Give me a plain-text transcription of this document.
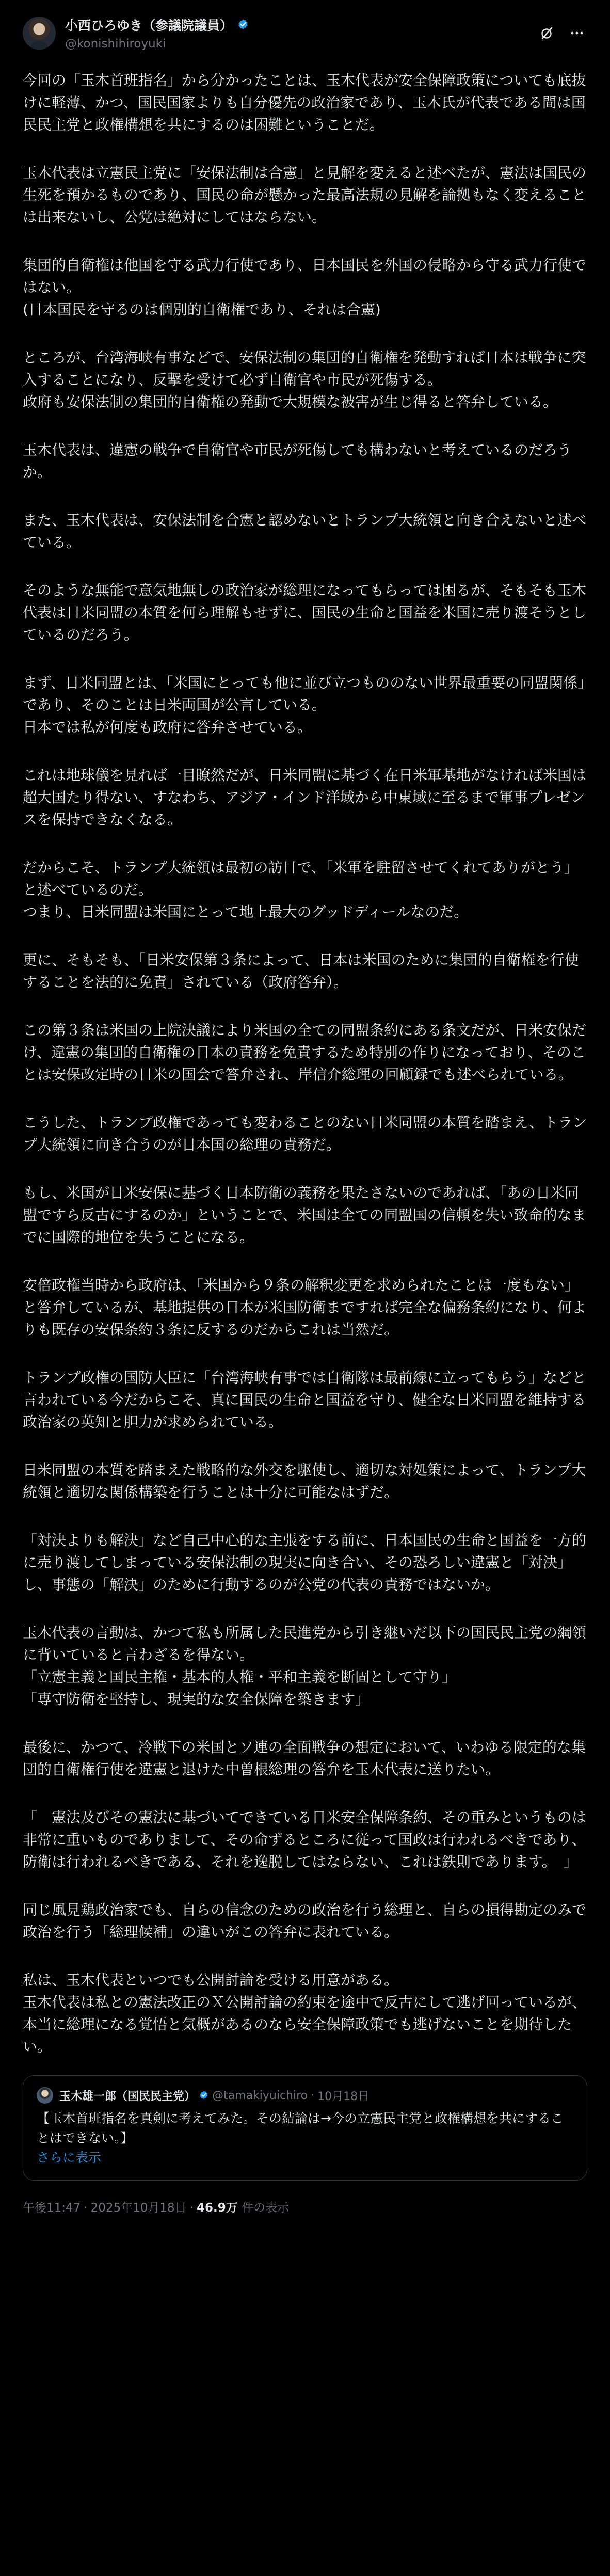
小西ひろゆき（参議院議員）
@konishihiroyuki

今回の「玉木首班指名」から分かったことは、玉木代表が安全保障政策についても底抜けに軽薄、かつ、国民国家よりも自分優先の政治家であり、玉木氏が代表である間は国民民主党と政権構想を共にするのは困難ということだ。

玉木代表は立憲民主党に「安保法制は合憲」と見解を変えると述べたが、憲法は国民の生死を預かるものであり、国民の命が懸かった最高法規の見解を論拠もなく変えることは出来ないし、公党は絶対にしてはならない。

集団的自衛権は他国を守る武力行使であり、日本国民を外国の侵略から守る武力行使ではない。
(日本国民を守るのは個別的自衛権であり、それは合憲)

ところが、台湾海峡有事などで、安保法制の集団的自衛権を発動すれば日本は戦争に突入することになり、反撃を受けて必ず自衛官や市民が死傷する。
政府も安保法制の集団的自衛権の発動で大規模な被害が生じ得ると答弁している。

玉木代表は、違憲の戦争で自衛官や市民が死傷しても構わないと考えているのだろうか。

また、玉木代表は、安保法制を合憲と認めないとトランプ大統領と向き合えないと述べている。

そのような無能で意気地無しの政治家が総理になってもらっては困るが、そもそも玉木代表は日米同盟の本質を何ら理解もせずに、国民の生命と国益を米国に売り渡そうとしているのだろう。

まず、日米同盟とは、「米国にとっても他に並び立つもののない世界最重要の同盟関係」であり、そのことは日米両国が公言している。
日本では私が何度も政府に答弁させている。

これは地球儀を見れば一目瞭然だが、日米同盟に基づく在日米軍基地がなければ米国は超大国たり得ない、すなわち、アジア・インド洋域から中東域に至るまで軍事プレゼンスを保持できなくなる。

だからこそ、トランプ大統領は最初の訪日で、「米軍を駐留させてくれてありがとう」と述べているのだ。
つまり、日米同盟は米国にとって地上最大のグッドディールなのだ。

更に、そもそも、「日米安保第３条によって、日本は米国のために集団的自衛権を行使することを法的に免責」されている（政府答弁）。

この第３条は米国の上院決議により米国の全ての同盟条約にある条文だが、日米安保だけ、違憲の集団的自衛権の日本の責務を免責するため特別の作りになっており、そのことは安保改定時の日米の国会で答弁され、岸信介総理の回顧録でも述べられている。

こうした、トランプ政権であっても変わることのない日米同盟の本質を踏まえ、トランプ大統領に向き合うのが日本国の総理の責務だ。

もし、米国が日米安保に基づく日本防衛の義務を果たさないのであれば、「あの日米同盟ですら反古にするのか」ということで、米国は全ての同盟国の信頼を失い致命的なまでに国際的地位を失うことになる。

安倍政権当時から政府は、「米国から９条の解釈変更を求められたことは一度もない」と答弁しているが、基地提供の日本が米国防衛まですれば完全な偏務条約になり、何よりも既存の安保条約３条に反するのだからこれは当然だ。

トランプ政権の国防大臣に「台湾海峡有事では自衛隊は最前線に立ってもらう」などと言われている今だからこそ、真に国民の生命と国益を守り、健全な日米同盟を維持する政治家の英知と胆力が求められている。

日米同盟の本質を踏まえた戦略的な外交を駆使し、適切な対処策によって、トランプ大統領と適切な関係構築を行うことは十分に可能なはずだ。

「対決よりも解決」など自己中心的な主張をする前に、日本国民の生命と国益を一方的に売り渡してしまっている安保法制の現実に向き合い、その恐ろしい違憲と「対決」し、事態の「解決」のために行動するのが公党の代表の責務ではないか。

玉木代表の言動は、かつて私も所属した民進党から引き継いだ以下の国民民主党の綱領に背いていると言わざるを得ない。
「立憲主義と国民主権・基本的人権・平和主義を断固として守り」
「専守防衛を堅持し、現実的な安全保障を築きます」

最後に、かつて、冷戦下の米国とソ連の全面戦争の想定において、いわゆる限定的な集団的自衛権行使を違憲と退けた中曽根総理の答弁を玉木代表に送りたい。

「　憲法及びその憲法に基づいてできている日米安全保障条約、その重みというものは非常に重いものでありまして、その命ずるところに従って国政は行われるべきであり、防衛は行われるべきである、それを逸脱してはならない、これは鉄則であります。　」

同じ風見鶏政治家でも、自らの信念のための政治を行う総理と、自らの損得勘定のみで政治を行う「総理候補」の違いがこの答弁に表れている。

私は、玉木代表といつでも公開討論を受ける用意がある。
玉木代表は私との憲法改正のＸ公開討論の約束を途中で反古にして逃げ回っているが、本当に総理になる覚悟と気概があるのなら安全保障政策でも逃げないことを期待したい。

玉木雄一郎（国民民主党） @tamakiyuichiro · 10月18日
【玉木首班指名を真剣に考えてみた。その結論は→今の立憲民主党と政権構想を共にすることはできない。】
さらに表示
午後11:47 · 2025年10月18日 · 46.9万 件の表示
